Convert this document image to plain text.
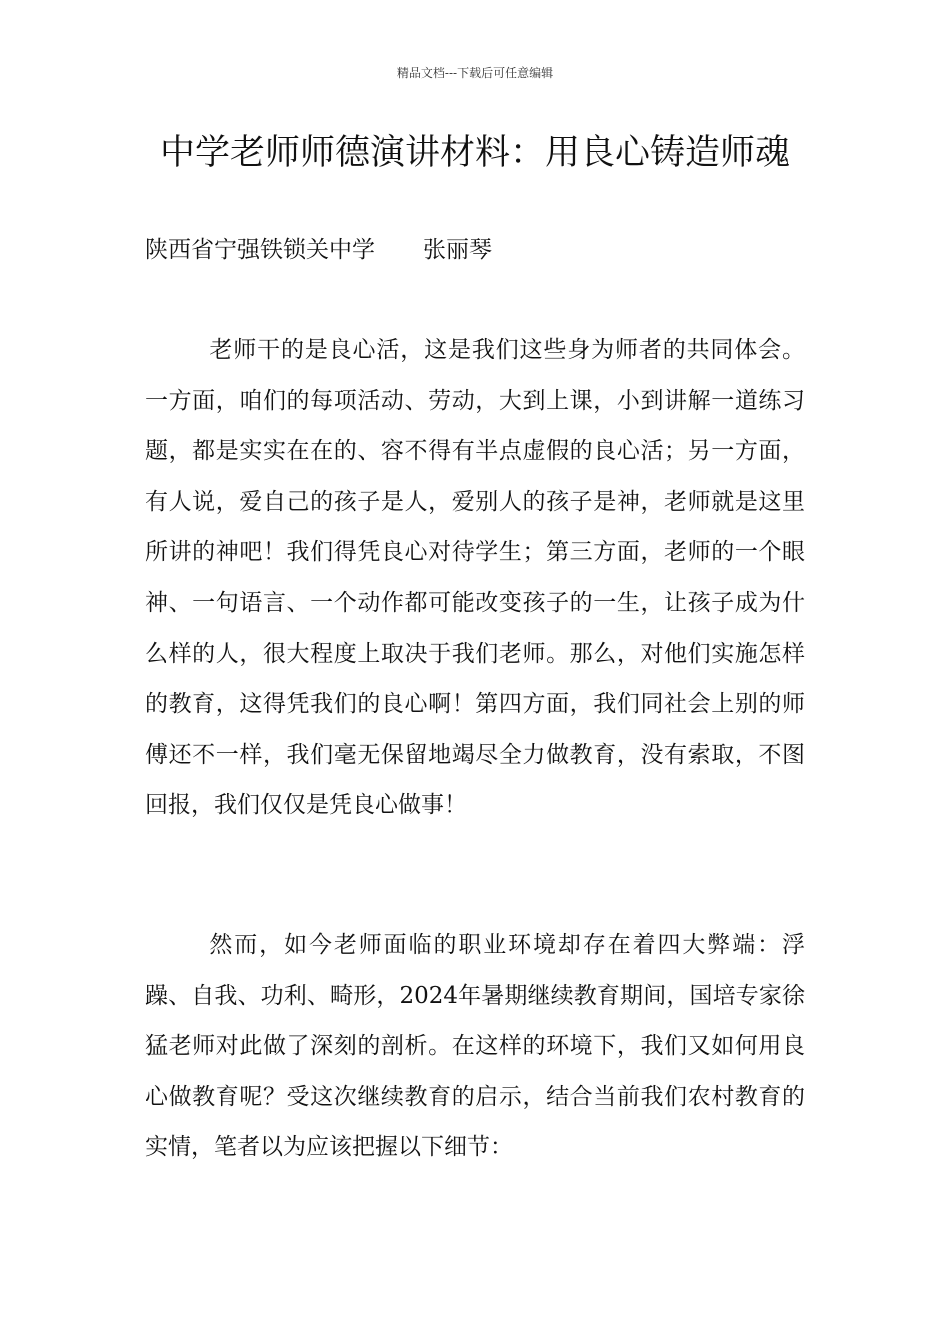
精品文档---下载后可任意编辑
中学老师师德演讲材料：用良心铸造师魂
陕西省宁强铁锁关中学 张丽琴

老师干的是良心活，这是我们这些身为师者的共同体会。一方面，咱们的每项活动、劳动，大到上课，小到讲解一道练习题，都是实实在在的、容不得有半点虚假的良心活；另一方面，有人说，爱自己的孩子是人，爱别人的孩子是神，老师就是这里所讲的神吧！我们得凭良心对待学生；第三方面，老师的一个眼神、一句语言、一个动作都可能改变孩子的一生，让孩子成为什么样的人，很大程度上取决于我们老师。那么，对他们实施怎样的教育，这得凭我们的良心啊！第四方面，我们同社会上别的师傅还不一样，我们毫无保留地竭尽全力做教育，没有索取，不图回报，我们仅仅是凭良心做事！

然而，如今老师面临的职业环境却存在着四大弊端：浮躁、自我、功利、畸形，2024年暑期继续教育期间，国培专家徐猛老师对此做了深刻的剖析。在这样的环境下，我们又如何用良心做教育呢？受这次继续教育的启示，结合当前我们农村教育的实情，笔者以为应该把握以下细节：
